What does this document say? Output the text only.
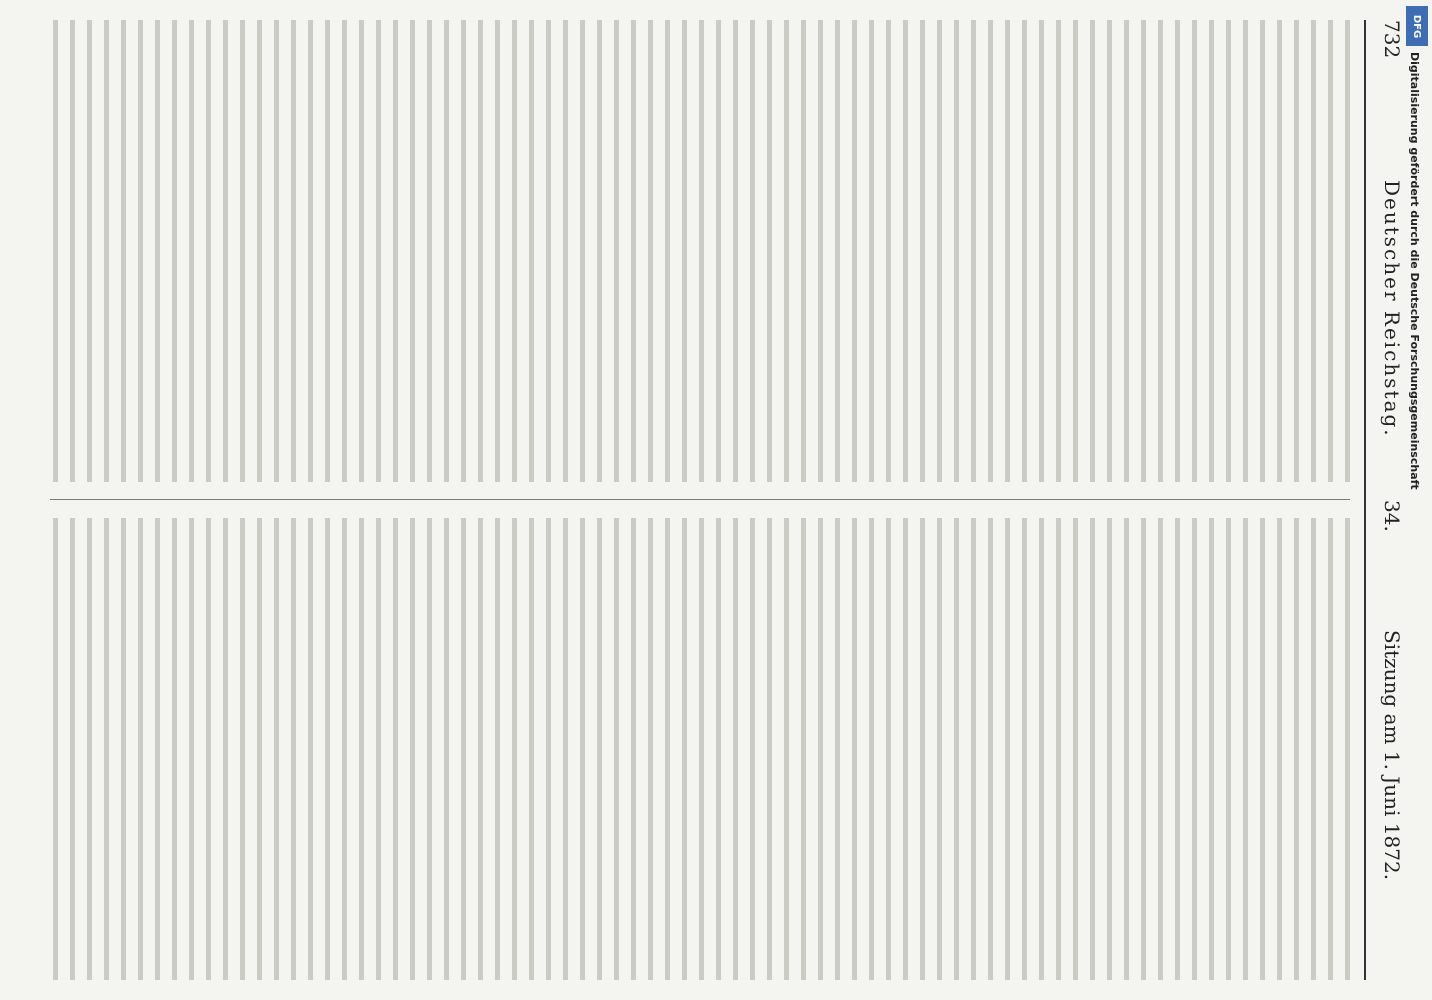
732
Deutscher Reichstag.
34.
Sitzung am 1. Juni 1872.
DFG
Digitalisierung gefördert durch die Deutsche Forschungsgemeinschaft
